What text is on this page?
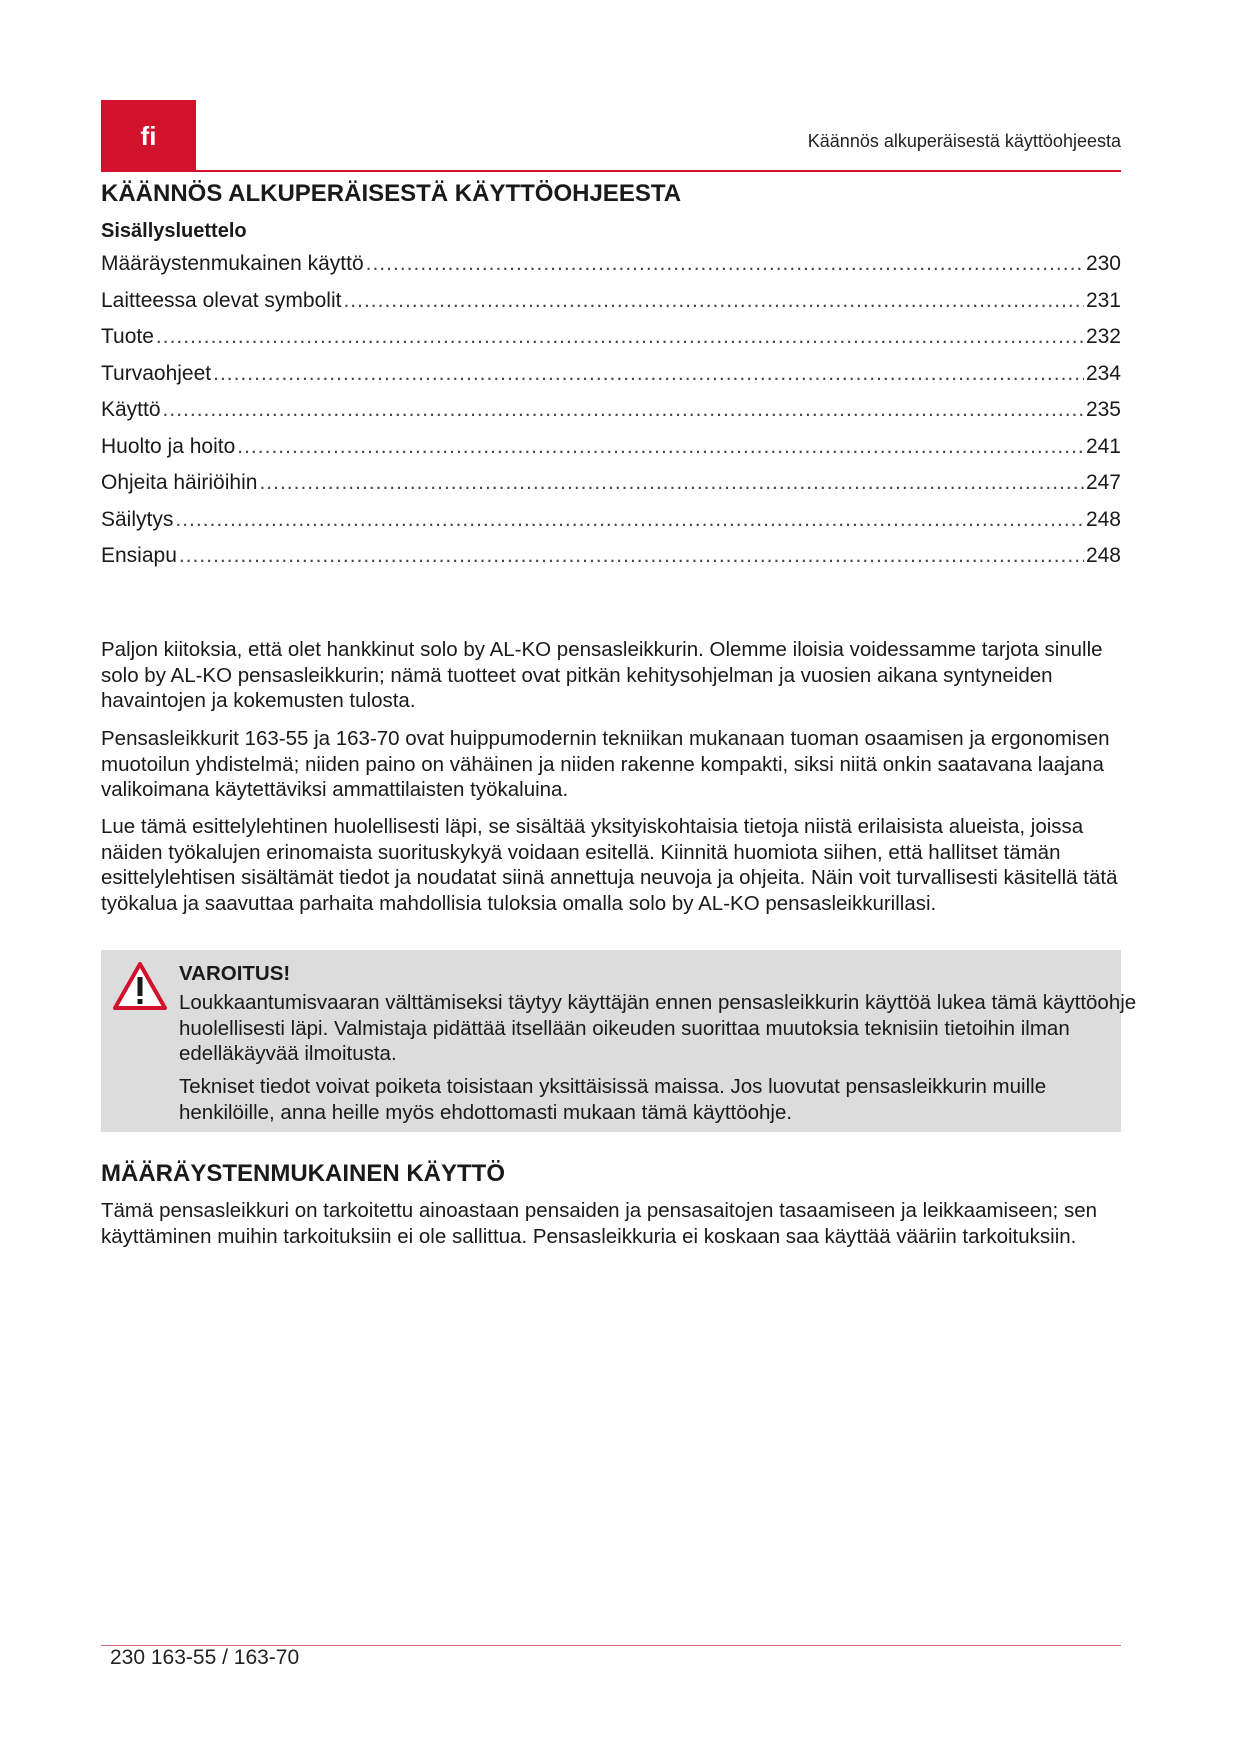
fi	Käännös alkuperäisestä käyttöohjeesta
KÄÄNNÖS ALKUPERÄISESTÄ KÄYTTÖOHJEESTA
Sisällysluettelo
Määräystenmukainen käyttö .....	230
Laitteessa olevat symbolit .....	231
Tuote .....	232
Turvaohjeet .....	234
Käyttö .....	235
Huolto ja hoito .....	241
Ohjeita häiriöihin .....	247
Säilytys .....	248
Ensiapu .....	248

Paljon kiitoksia, että olet hankkinut solo by AL-KO pensasleikkurin. Olemme iloisia voidessamme tarjota sinulle solo by AL-KO pensasleikkurin; nämä tuotteet ovat pitkän kehitysohjelman ja vuosien aikana syntyneiden havaintojen ja kokemusten tulosta.

Pensasleikkurit 163-55 ja 163-70 ovat huippumodernin tekniikan mukanaan tuoman osaamisen ja ergonomisen muotoilun yhdistelmä; niiden paino on vähäinen ja niiden rakenne kompakti, siksi niitä onkin saatavana laajana valikoimana käytettäviksi ammattilaisten työkaluina.

Lue tämä esittelylehtinen huolellisesti läpi, se sisältää yksityiskohtaisia tietoja niistä erilaisista alueista, joissa näiden työkalujen erinomaista suorituskykyä voidaan esitellä. Kiinnitä huomiota siihen, että hallitset tämän esittelylehtisen sisältämät tiedot ja noudatat siinä annettuja neuvoja ja ohjeita. Näin voit turvallisesti käsitellä tätä työkalua ja saavuttaa parhaita mahdollisia tuloksia omalla solo by AL-KO pensasleikkurillasi.

VAROITUS!

Loukkaantumisvaaran välttämiseksi täytyy käyttäjän ennen pensasleikkurin käyttöä lukea tämä käyttöohje huolellisesti läpi. Valmistaja pidättää itsellään oikeuden suorittaa muutoksia teknisiin tietoihin ilman edelläkäyvää ilmoitusta.

Tekniset tiedot voivat poiketa toisistaan yksittäisissä maissa. Jos luovutat pensasleikkurin muille henkilöille, anna heille myös ehdottomasti mukaan tämä käyttöohje.

MÄÄRÄYSTENMUKAINEN KÄYTTÖ

Tämä pensasleikkuri on tarkoitettu ainoastaan pensaiden ja pensasaitojen tasaamiseen ja leikkaamiseen; sen käyttäminen muihin tarkoituksiin ei ole sallittua. Pensasleikkuria ei koskaan saa käyttää vääriin tarkoituksiin.

230 163-55 / 163-70
